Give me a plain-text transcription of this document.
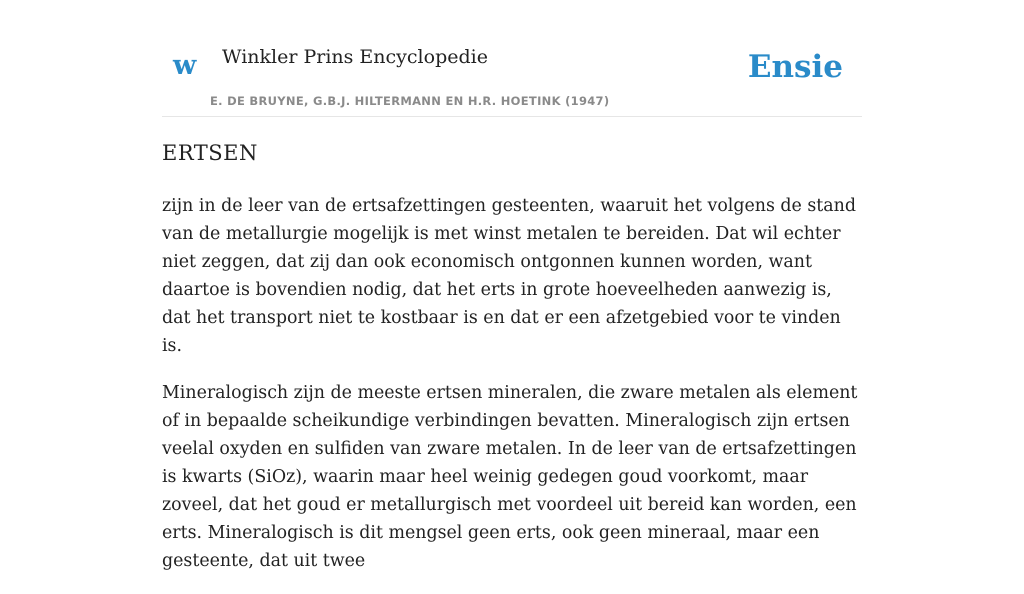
w Winkler Prins Encyclopedie
E. DE BRUYNE, G.B.J. HILTERMANN EN H.R. HOETINK (1947)
Ensie
ERTSEN

zijn in de leer van de ertsafzettingen gesteenten, waaruit het volgens de stand van de metallurgie mogelijk is met winst metalen te bereiden. Dat wil echter niet zeggen, dat zij dan ook economisch ontgonnen kunnen worden, want daartoe is bovendien nodig, dat het erts in grote hoeveelheden aanwezig is, dat het transport niet te kostbaar is en dat er een afzetgebied voor te vinden is.

Mineralogisch zijn de meeste ertsen mineralen, die zware metalen als element of in bepaalde scheikundige verbindingen bevatten. Mineralogisch zijn ertsen veelal oxyden en sulfiden van zware metalen. In de leer van de ertsafzettingen is kwarts (SiOz), waarin maar heel weinig gedegen goud voorkomt, maar zoveel, dat het goud er metallurgisch met voordeel uit bereid kan worden, een erts. Mineralogisch is dit mengsel geen erts, ook geen mineraal, maar een gesteente, dat uit twee
